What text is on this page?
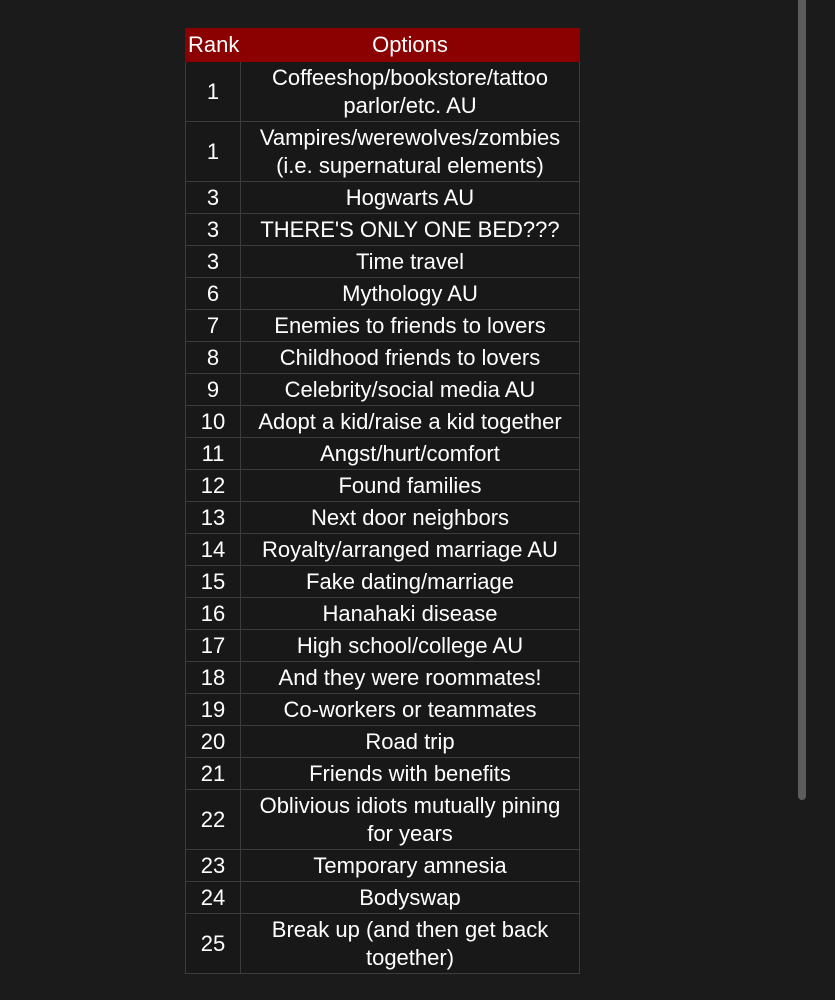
Rank	Options
1	Coffeeshop/bookstore/tattoo parlor/etc. AU
1	Vampires/werewolves/zombies (i.e. supernatural elements)
3	Hogwarts AU
3	THERE'S ONLY ONE BED???
3	Time travel
6	Mythology AU
7	Enemies to friends to lovers
8	Childhood friends to lovers
9	Celebrity/social media AU
10	Adopt a kid/raise a kid together
11	Angst/hurt/comfort
12	Found families
13	Next door neighbors
14	Royalty/arranged marriage AU
15	Fake dating/marriage
16	Hanahaki disease
17	High school/college AU
18	And they were roommates!
19	Co-workers or teammates
20	Road trip
21	Friends with benefits
22	Oblivious idiots mutually pining for years
23	Temporary amnesia
24	Bodyswap
25	Break up (and then get back together)
